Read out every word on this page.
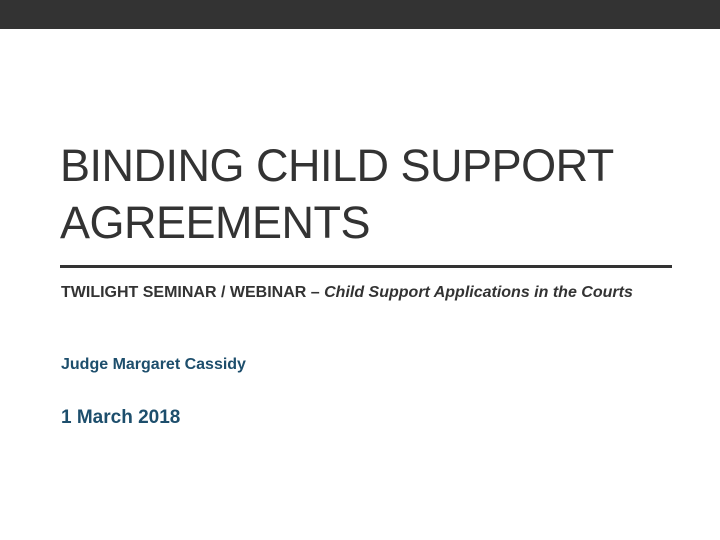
BINDING CHILD SUPPORT
AGREEMENTS
TWILIGHT SEMINAR / WEBINAR – Child Support Applications in the Courts
Judge Margaret Cassidy
1 March 2018
